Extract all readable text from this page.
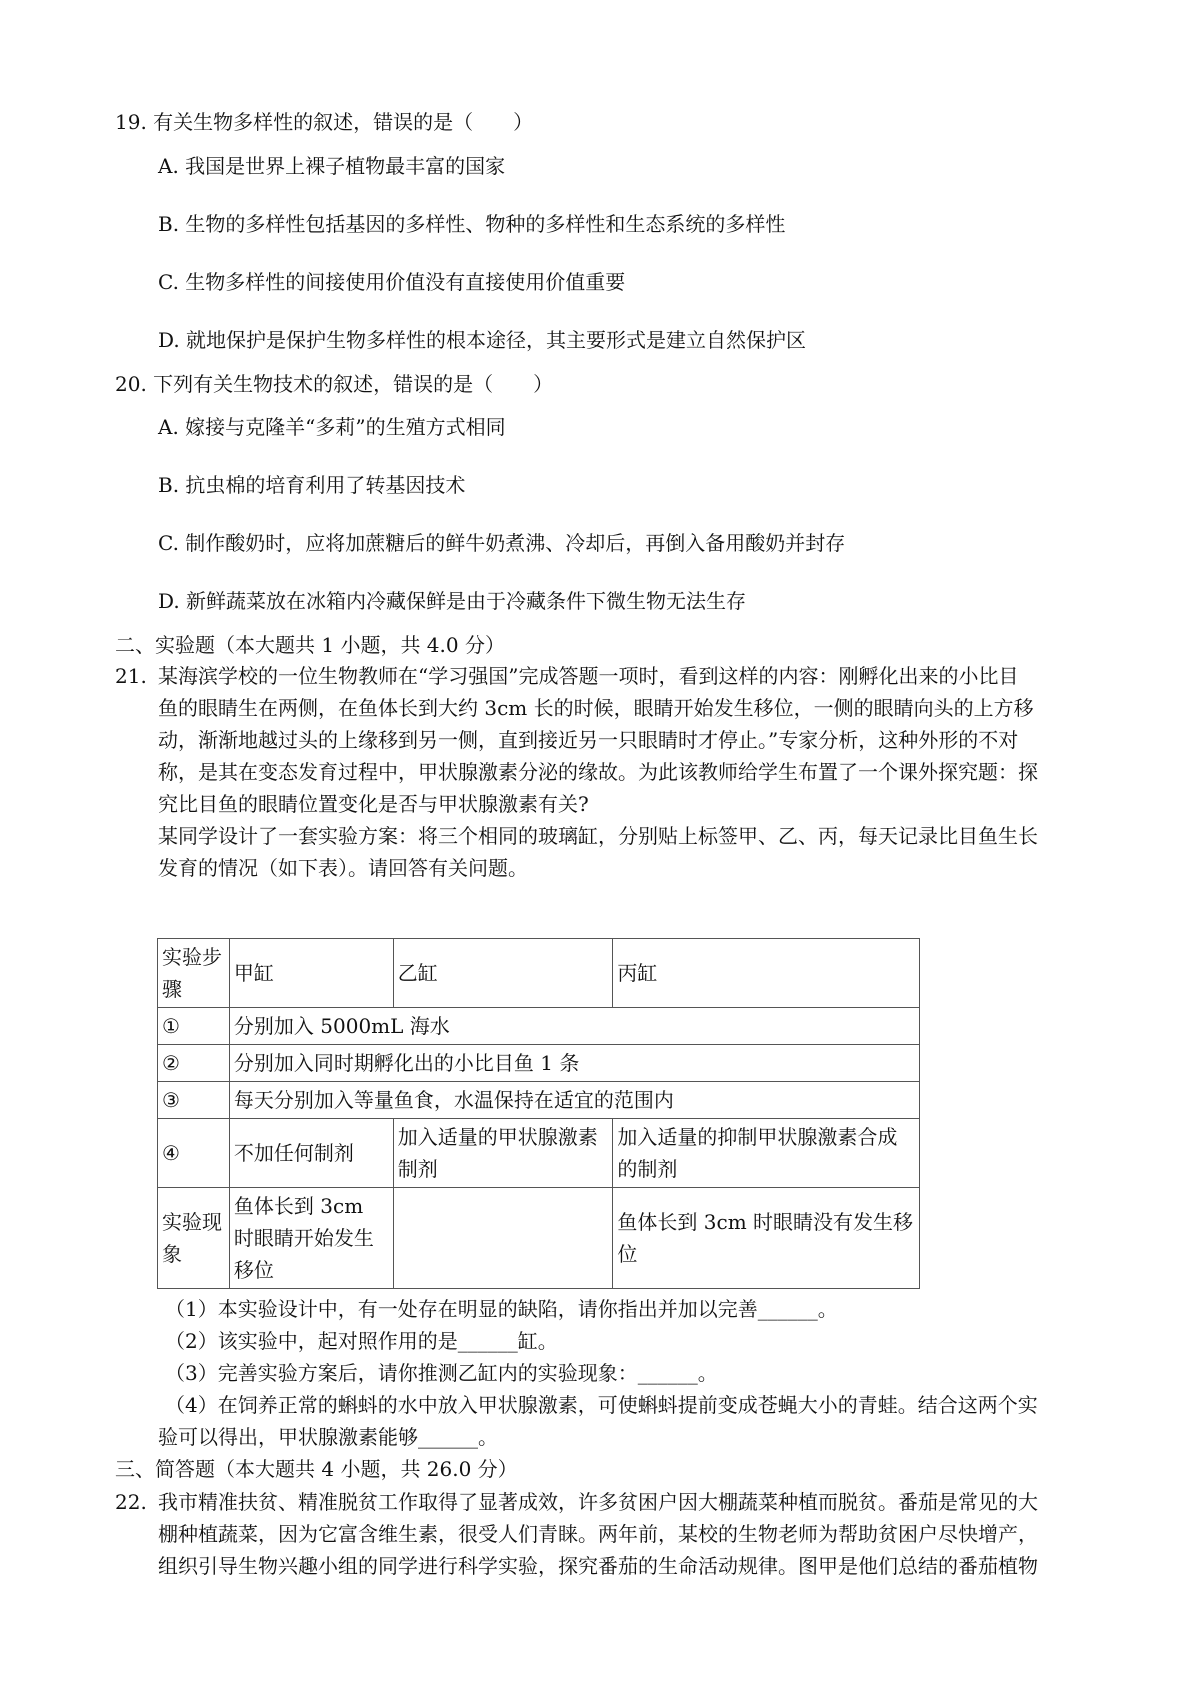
19. 有关生物多样性的叙述，错误的是（　　）
A. 我国是世界上裸子植物最丰富的国家
B. 生物的多样性包括基因的多样性、物种的多样性和生态系统的多样性
C. 生物多样性的间接使用价值没有直接使用价值重要
D. 就地保护是保护生物多样性的根本途径，其主要形式是建立自然保护区
20. 下列有关生物技术的叙述，错误的是（　　）
A. 嫁接与克隆羊“多莉”的生殖方式相同
B. 抗虫棉的培育利用了转基因技术
C. 制作酸奶时，应将加蔗糖后的鲜牛奶煮沸、冷却后，再倒入备用酸奶并封存
D. 新鲜蔬菜放在冰箱内冷藏保鲜是由于冷藏条件下微生物无法生存
二、实验题（本大题共 1 小题，共 4.0 分）
21. 某海滨学校的一位生物教师在“学习强国”完成答题一项时，看到这样的内容：刚孵化出来的小比目
鱼的眼睛生在两侧，在鱼体长到大约 3cm 长的时候，眼睛开始发生移位，一侧的眼睛向头的上方移
动，渐渐地越过头的上缘移到另一侧，直到接近另一只眼睛时才停止。”专家分析，这种外形的不对
称，是其在变态发育过程中，甲状腺激素分泌的缘故。为此该教师给学生布置了一个课外探究题：探
究比目鱼的眼睛位置变化是否与甲状腺激素有关?
某同学设计了一套实验方案：将三个相同的玻璃缸，分别贴上标签甲、乙、丙，每天记录比目鱼生长
发育的情况（如下表）。请回答有关问题。
实验步骤	甲缸	乙缸	丙缸
①	分别加入 5000mL 海水		
②	分别加入同时期孵化出的小比目鱼 1 条		
③	每天分别加入等量鱼食，水温保持在适宜的范围内		
④	不加任何制剂	加入适量的甲状腺激素制剂	加入适量的抑制甲状腺激素合成的制剂
实验现象	鱼体长到 3cm 时眼睛开始发生移位		鱼体长到 3cm 时眼睛没有发生移位
（1）本实验设计中，有一处存在明显的缺陷，请你指出并加以完善______。
（2）该实验中，起对照作用的是______缸。
（3）完善实验方案后，请你推测乙缸内的实验现象：______。
（4）在饲养正常的蝌蚪的水中放入甲状腺激素，可使蝌蚪提前变成苍蝇大小的青蛙。结合这两个实
验可以得出，甲状腺激素能够______。
三、简答题（本大题共 4 小题，共 26.0 分）
22. 我市精准扶贫、精准脱贫工作取得了显著成效，许多贫困户因大棚蔬菜种植而脱贫。番茄是常见的大
棚种植蔬菜，因为它富含维生素，很受人们青睐。两年前，某校的生物老师为帮助贫困户尽快增产，
组织引导生物兴趣小组的同学进行科学实验，探究番茄的生命活动规律。图甲是他们总结的番茄植物
